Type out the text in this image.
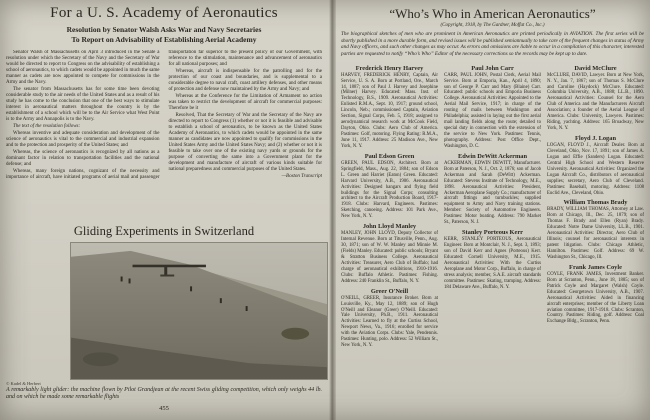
For a U. S. Academy of Aeronautics
Resolution by Senator Walsh Asks War and Navy Secretaries
To Report on Advisability of Establishing Aerial Academy

Senator Walsh of Massachusetts on April 3 introduced in the Senate a resolution under which the Secretary of the Navy and the Secretary of War would be directed to report to Congress on the advisability of establishing a school of aeronautics, to which cadets would be appointed in much the same manner as cadets are now appointed to compete for commissions in the Army and the Navy.

The senator from Massachusetts has for some time been devoting considerable study to the air needs of the United States and as a result of his study he has come to the conclusion that one of the best ways to stimulate interest in aeronautical matters throughout the country is by the establishment of a school which will be to the Air Service what West Point is to the Army and Annapolis is to the Navy.

The text of the resolution follows:

Whereas inventive and adequate consideration and development of the science of aeronautics is vital to the commercial and industrial expansion and to the protection and prosperity of the United States; and

Whereas, the science of aeronautics is recognized by all nations as a dominant factor in relation to transportation facilities and the national defense; and

Whereas, many foreign nations, cognizant of the necessity and importance of aircraft, have initiated programs of aerial mail and passenger transportation far superior to the present policy of our Government, with reference to the stimulation, maintenance and advancement of aeronautics for all national purposes; and

Whereas, aircraft is indispensable for the patrolling and for the protection of our coast and boundaries, and is supplemental to a considerable degree to naval craft, coast artillery defenses, and other means of protection and defense now maintained by the Army and Navy; and

Whereas at the Conference for the Limitation of Armament no action was taken to restrict the development of aircraft for commercial purposes: Therefore be it

Resolved, That the Secretary of War and the Secretary of the Navy are directed to report to Congress (1) whether or not it is feasible and advisable to establish a school of aeronautics, to be known as the United States Academy of Aeronautics, to which cadets would be appointed in the same manner as candidates are now appointed to qualify for commissions in the United States Army and the United States Navy; and (2) whether or not it is feasible to take over one of the existing navy yards or grounds for the purpose of converting the same into a Government plant for the development and manufacture of aircraft of various kinds suitable for national preparedness and commercial purposes of the United States.

—Boston Transcript

Gliding Experiments in Switzerland
© Kadel & Herbert
A remarkably light glider: the machine flown by Pilot Grandjean at the recent Swiss gliding competition, which only weighs 44 lb. and on which he made some remarkable flights
455
“Who’s Who in American Aeronautics”
(Copyright, 1918, by The Gardner, Moffat Co., Inc.)
The biographical sketches of men who are prominent in American Aeronautics are printed periodically in AVIATION. The first series will be shortly published in a more durable form, and revised issues will be published semiannually to take care of the frequent changes in status of Army and Navy officers, and such other changes as may occur. As errors and omissions are liable to occur in a compilation of this character, interested parties are requested to notify “Who’s Who” Editor of the necessary corrections so the records may be kept up to date.
Frederick Henry Harvey
HARVEY, FREDERICK HENRY, Captain, Air Service, U. S. A. Born at Portland, Ore., March 14, 1887; son of Paul J. Harvey and Josephine (Milner) Harvey. Educated: Mass. Inst. of Technology, B.S., 1909. Aeronautical Activities: Enlisted R.M.A., Sept. 10, 1917; ground school, Lincoln, Neb.; commissioned Captain, Aviation Section, Signal Corps, Feb. 5, 1918; assigned to aerodynamical research work at McCook Field, Dayton, Ohio. Clubs: Aero Club of America. Pastimes: Golf, motoring. Flying Rating: R.M.A., June 11, 1917. Address: 25 Madison Ave., New York, N. Y.
Paul Edson Green
GREEN, PAUL EDSON, Architect. Born at Springfield, Mass., Aug. 22, 1884; son of Edson L. Green and Harriet (Eaton) Green. Educated: Harvard University, A.B., 1906. Aeronautical Activities: Designed hangars and flying field buildings for the Signal Corps; consulting architect to the Aircraft Production Board, 1917-1918. Clubs: Harvard, Engineers. Pastimes: Sketching, canoeing. Address: 101 Park Ave., New York, N. Y.
John Lloyd Manley
MANLEY, JOHN LLOYD, Deputy Collector of Internal Revenue. Born at Titusville, Penn., Aug. 30, 1871; son of W. W. Manley and Minnie M. (Fields) Manley. Educated: public schools; Bryant & Stratton Business College. Aeronautical Activities: Treasurer, Aero Club of Buffalo; had charge of aeronautical exhibitions, 1910-1916. Clubs: Buffalo Athletic. Pastimes: Fishing. Address: 240 Franklin St., Buffalo, N. Y.
Greer O'Neill
O'NEILL, GREER, Insurance Broker. Born at Louisville, Ky., May 12, 1889; son of Hugh O'Neill and Eleanor (Greer) O'Neill. Educated: Yale University, Ph.B., 1911. Aeronautical Activities: Learned to fly at the Curtiss School, Newport News, Va., 1916; enrolled for service with the Aviation Corps. Clubs: Yale, Pendennis. Pastimes: Hunting, polo. Address: 52 William St., New York, N. Y.
Paul John Carr
CARR, PAUL JOHN, Postal Clerk, Aerial Mail Service. Born at Emporia, Kan., April 4, 1890; son of George P. Carr and Mary (Blaine) Carr. Educated: public schools and Emporia Business College. Aeronautical Activities: Appointed to the Aerial Mail Service, 1917; in charge of the routing of mails between Washington and Philadelphia; assisted in laying out the first aerial mail landing fields along the route; detailed to special duty in connection with the extension of the service to New York. Pastimes: Tennis, photography. Address: Post Office Dept., Washington, D. C.
Edwin DeWitt Ackerman
ACKERMAN, EDWIN DEWITT, Manufacturer. Born at Paterson, N. J., Oct. 2, 1876; son of Jacob Ackerman and Sarah (DeWitt) Ackerman. Educated: Stevens Institute of Technology, M.E., 1898. Aeronautical Activities: President, Ackerman Aeroplane Supply Co.; manufacturer of aircraft fittings and turnbuckles; supplied equipment to Army and Navy training stations. Member: Society of Automotive Engineers. Pastimes: Motor boating. Address: 790 Market St., Paterson, N. J.
Stanley Porteous Kerr
KERR, STANLEY PORTEOUS, Aeronautical Engineer. Born at Montclair, N. J., Sept. 3, 1893; son of David Kerr and Agnes (Porteous) Kerr. Educated: Cornell University, M.E., 1915. Aeronautical Activities: With the Curtiss Aeroplane and Motor Corp., Buffalo, in charge of stress analysis; member, S.A.E. aircraft standards committee. Pastimes: Skating, tramping. Address: 184 Delaware Ave., Buffalo, N. Y.
David McClure
McCLURE, DAVID, Lawyer. Born at New York, N. Y., Jan. 7, 1867; son of Thomas S. McClure and Caroline (Haydock) McClure. Educated: Columbia University, A.B., 1888; LL.B., 1890. Aeronautical Activities: Counsel for the Aero Club of America and the Manufacturers Aircraft Association; a founder of the Aerial League of America. Clubs: University, Lawyers. Pastimes: Riding, yachting. Address: 165 Broadway, New York, N. Y.
Floyd J. Logan
LOGAN, FLOYD J., Aircraft Dealer. Born at Cleveland, Ohio, Nov. 17, 1891; son of James A. Logan and Effie (Sanders) Logan. Educated: Central High School and Western Reserve University. Aeronautical Activities: Organized the Logan Aircraft Co., distributors of aeronautical supplies; secretary, Aero Club of Cleveland. Pastimes: Baseball, motoring. Address: 1108 Euclid Ave., Cleveland, Ohio.
William Thomas Brady
BRADY, WILLIAM THOMAS, Attorney at Law. Born at Chicago, Ill., Dec. 25, 1879; son of Thomas F. Brady and Ellen (Ryan) Brady. Educated: Notre Dame University, LL.B., 1901. Aeronautical Activities: Director, Aero Club of Illinois; counsel for aeronautical interests in patent litigation. Clubs: Chicago Athletic, Hamilton. Pastimes: Golf. Address: 69 W. Washington St., Chicago, Ill.
Frank James Coyle
COYLE, FRANK JAMES, Investment Banker. Born at Scranton, Penn., June 18, 1885; son of Patrick Coyle and Margaret (Walsh) Coyle. Educated: Georgetown University, A.B., 1907. Aeronautical Activities: Aided in financing aircraft enterprises; member of the Liberty Loan aviation committee, 1917-1918. Clubs: Scranton, Country. Pastimes: Riding, golf. Address: Coal Exchange Bldg., Scranton, Penn.
